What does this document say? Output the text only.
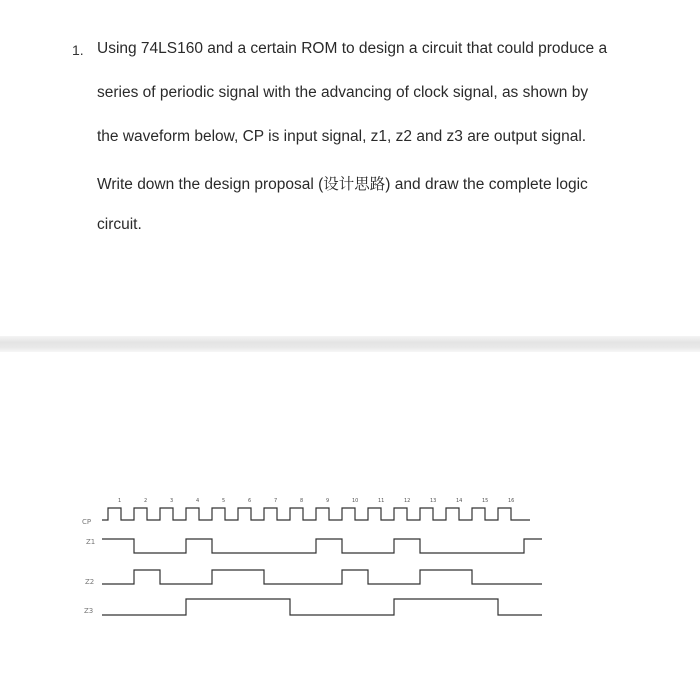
1. Using 74LS160 and a certain ROM to design a circuit that could produce a
series of periodic signal with the advancing of clock signal, as shown by
the waveform below, CP is input signal, z1, z2 and z3 are output signal.
Write down the design proposal (设计思路) and draw the complete logic
circuit.
1	2	3	4	5	6	7	8	9	10	11	12	13	14	15	16
CP
Z1
Z2
Z3
